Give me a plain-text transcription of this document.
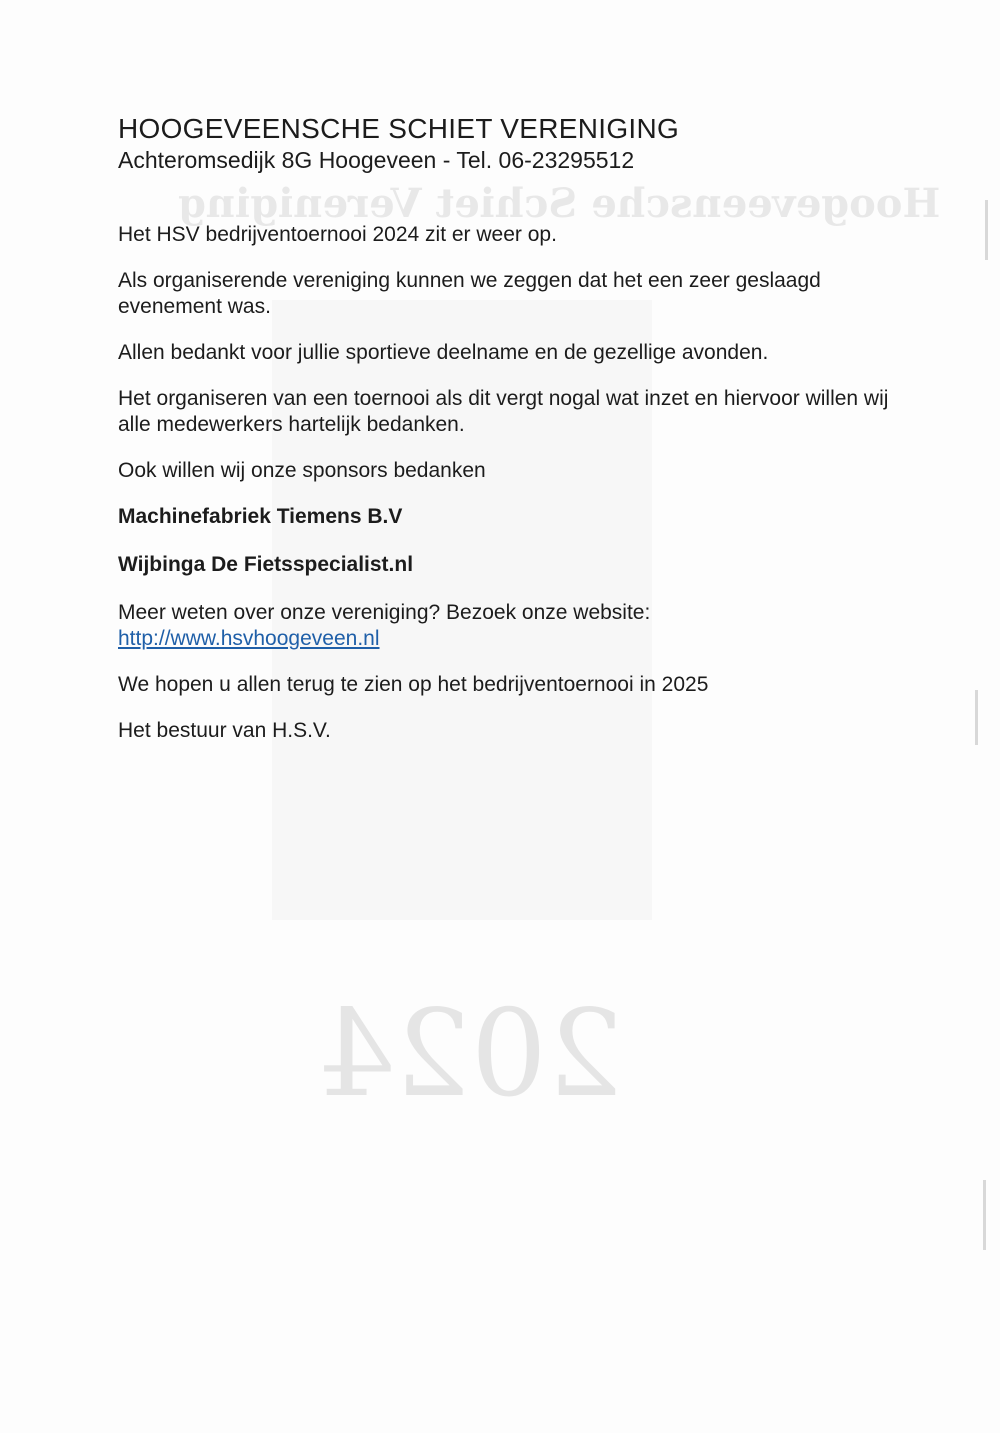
Hoogeveensche Schiet Vereniging
2024

HOOGEVEENSCHE SCHIET VERENIGING

Achteromsedijk 8G Hoogeveen - Tel. 06-23295512

Het HSV bedrijventoernooi 2024 zit er weer op.

Als organiserende vereniging kunnen we zeggen dat het een zeer geslaagd evenement was.

Allen bedankt voor jullie sportieve deelname en de gezellige avonden.

Het organiseren van een toernooi als dit vergt nogal wat inzet en hiervoor willen wij alle medewerkers hartelijk bedanken.

Ook willen wij onze sponsors bedanken

Machinefabriek Tiemens B.V

Wijbinga De Fietsspecialist.nl

Meer weten over onze vereniging? Bezoek onze website:
http://www.hsvhoogeveen.nl

We hopen u allen terug te zien op het bedrijventoernooi in 2025

Het bestuur van H.S.V.
